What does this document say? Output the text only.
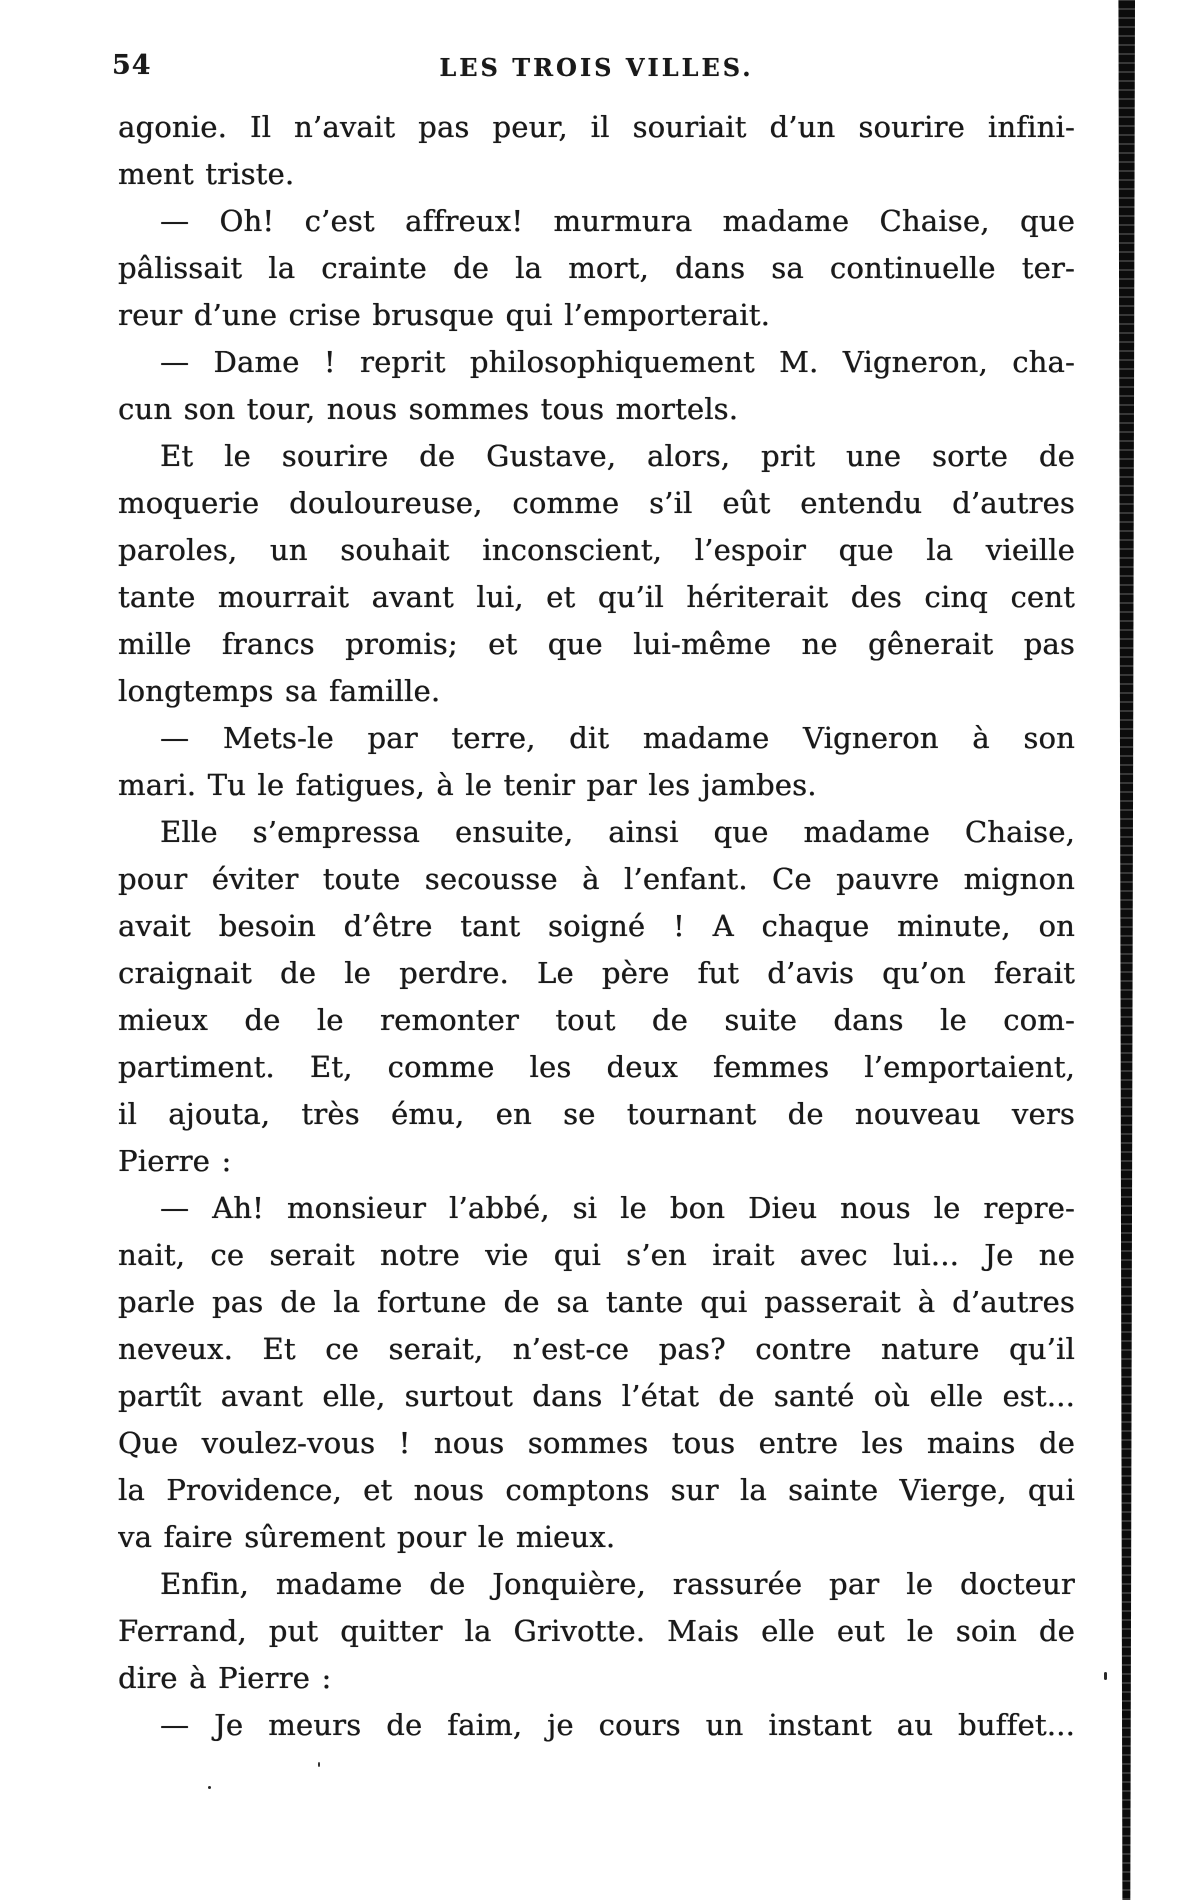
54	LES TROIS VILLES.
agonie. Il n’avait pas peur, il souriait d’un sourire infini-
ment triste.
— Oh! c’est affreux! murmura madame Chaise, que
pâlissait la crainte de la mort, dans sa continuelle ter-
reur d’une crise brusque qui l’emporterait.
— Dame ! reprit philosophiquement M. Vigneron, cha-
cun son tour, nous sommes tous mortels.
Et le sourire de Gustave, alors, prit une sorte de
moquerie douloureuse, comme s’il eût entendu d’autres
paroles, un souhait inconscient, l’espoir que la vieille
tante mourrait avant lui, et qu’il hériterait des cinq cent
mille francs promis; et que lui-même ne gênerait pas
longtemps sa famille.
— Mets-le par terre, dit madame Vigneron à son
mari. Tu le fatigues, à le tenir par les jambes.
Elle s’empressa ensuite, ainsi que madame Chaise,
pour éviter toute secousse à l’enfant. Ce pauvre mignon
avait besoin d’être tant soigné ! A chaque minute, on
craignait de le perdre. Le père fut d’avis qu’on ferait
mieux de le remonter tout de suite dans le com-
partiment. Et, comme les deux femmes l’emportaient,
il ajouta, très ému, en se tournant de nouveau vers
Pierre :
— Ah! monsieur l’abbé, si le bon Dieu nous le repre-
nait, ce serait notre vie qui s’en irait avec lui... Je ne
parle pas de la fortune de sa tante qui passerait à d’autres
neveux. Et ce serait, n’est-ce pas? contre nature qu’il
partît avant elle, surtout dans l’état de santé où elle est...
Que voulez-vous ! nous sommes tous entre les mains de
la Providence, et nous comptons sur la sainte Vierge, qui
va faire sûrement pour le mieux.
Enfin, madame de Jonquière, rassurée par le docteur
Ferrand, put quitter la Grivotte. Mais elle eut le soin de
dire à Pierre :
— Je meurs de faim, je cours un instant au buffet...
